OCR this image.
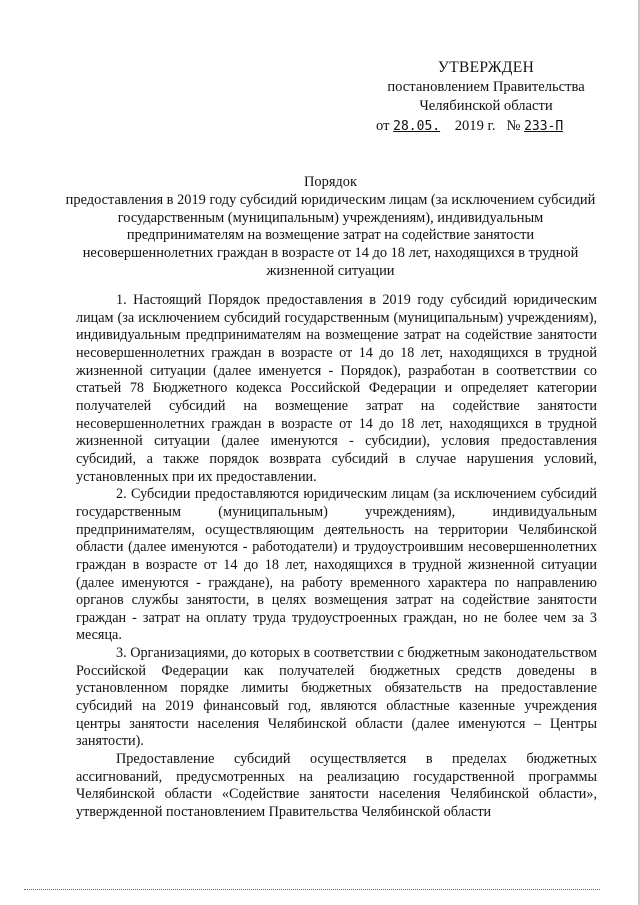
УТВЕРЖДЕН
постановлением Правительства
Челябинской области
от 28.05. 2019 г. № 233-П
Порядок
предоставления в 2019 году субсидий юридическим лицам (за исключением субсидий государственным (муниципальным) учреждениям), индивидуальным предпринимателям на возмещение затрат на содействие занятости несовершеннолетних граждан в возрасте от 14 до 18 лет, находящихся в трудной жизненной ситуации

1. Настоящий Порядок предоставления в 2019 году субсидий юридическим лицам (за исключением субсидий государственным (муниципальным) учреждениям), индивидуальным предпринимателям на возмещение затрат на содействие занятости несовершеннолетних граждан в возрасте от 14 до 18 лет, находящихся в трудной жизненной ситуации (далее именуется - Порядок), разработан в соответствии со статьей 78 Бюджетного кодекса Российской Федерации и определяет категории получателей субсидий на возмещение затрат на содействие занятости несовершеннолетних граждан в возрасте от 14 до 18 лет, находящихся в трудной жизненной ситуации (далее именуются - субсидии), условия предоставления субсидий, а также порядок возврата субсидий в случае нарушения условий, установленных при их предоставлении.

2. Субсидии предоставляются юридическим лицам (за исключением субсидий государственным (муниципальным) учреждениям), индивидуальным предпринимателям, осуществляющим деятельность на территории Челябинской области (далее именуются - работодатели) и трудоустроившим несовершеннолетних граждан в возрасте от 14 до 18 лет, находящихся в трудной жизненной ситуации (далее именуются - граждане), на работу временного характера по направлению органов службы занятости, в целях возмещения затрат на содействие занятости граждан - затрат на оплату труда трудоустроенных граждан, но не более чем за 3 месяца.

3. Организациями, до которых в соответствии с бюджетным законодательством Российской Федерации как получателей бюджетных средств доведены в установленном порядке лимиты бюджетных обязательств на предоставление субсидий на 2019 финансовый год, являются областные казенные учреждения центры занятости населения Челябинской области (далее именуются – Центры занятости).

Предоставление субсидий осуществляется в пределах бюджетных ассигнований, предусмотренных на реализацию государственной программы Челябинской области «Содействие занятости населения Челябинской области», утвержденной постановлением Правительства Челябинской области
